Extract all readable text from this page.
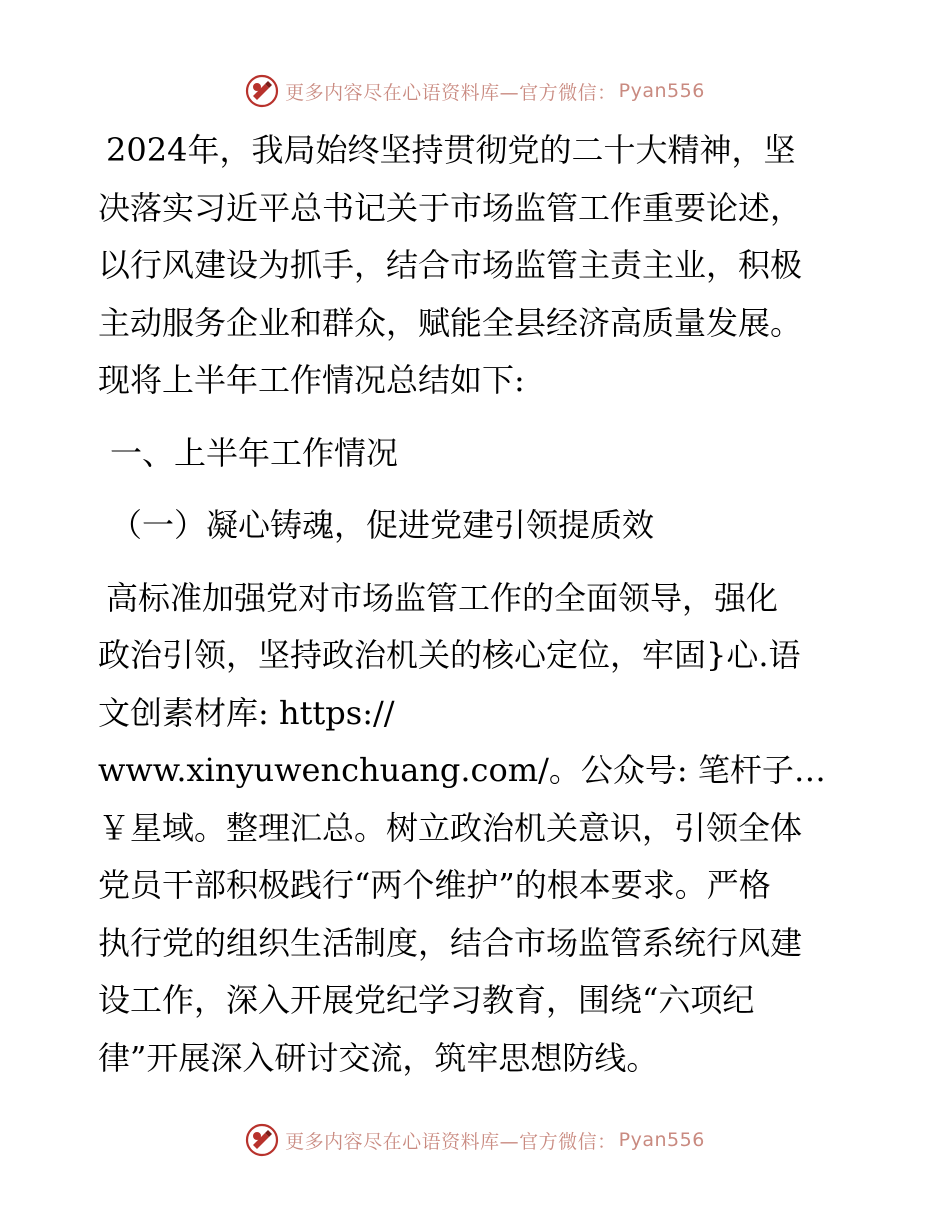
更多内容尽在心语资料库—官方微信： Pyan556
2024年，我局始终坚持贯彻党的二十大精神，坚
决落实习近平总书记关于市场监管工作重要论述，
以行风建设为抓手，结合市场监管主责主业，积极
主动服务企业和群众，赋能全县经济高质量发展。
现将上半年工作情况总结如下:
一、上半年工作情况
（一）凝心铸魂，促进党建引领提质效
高标准加强党对市场监管工作的全面领导，强化
政治引领，坚持政治机关的核心定位，牢固}心.语
文创素材库: https://
www.xinyuwenchuang.com/。公众号: 笔杆子…
￥星域。整理汇总。树立政治机关意识，引领全体
党员干部积极践行“两个维护”的根本要求。严格
执行党的组织生活制度，结合市场监管系统行风建
设工作，深入开展党纪学习教育，围绕“六项纪
律”开展深入研讨交流，筑牢思想防线。
更多内容尽在心语资料库—官方微信： Pyan556
